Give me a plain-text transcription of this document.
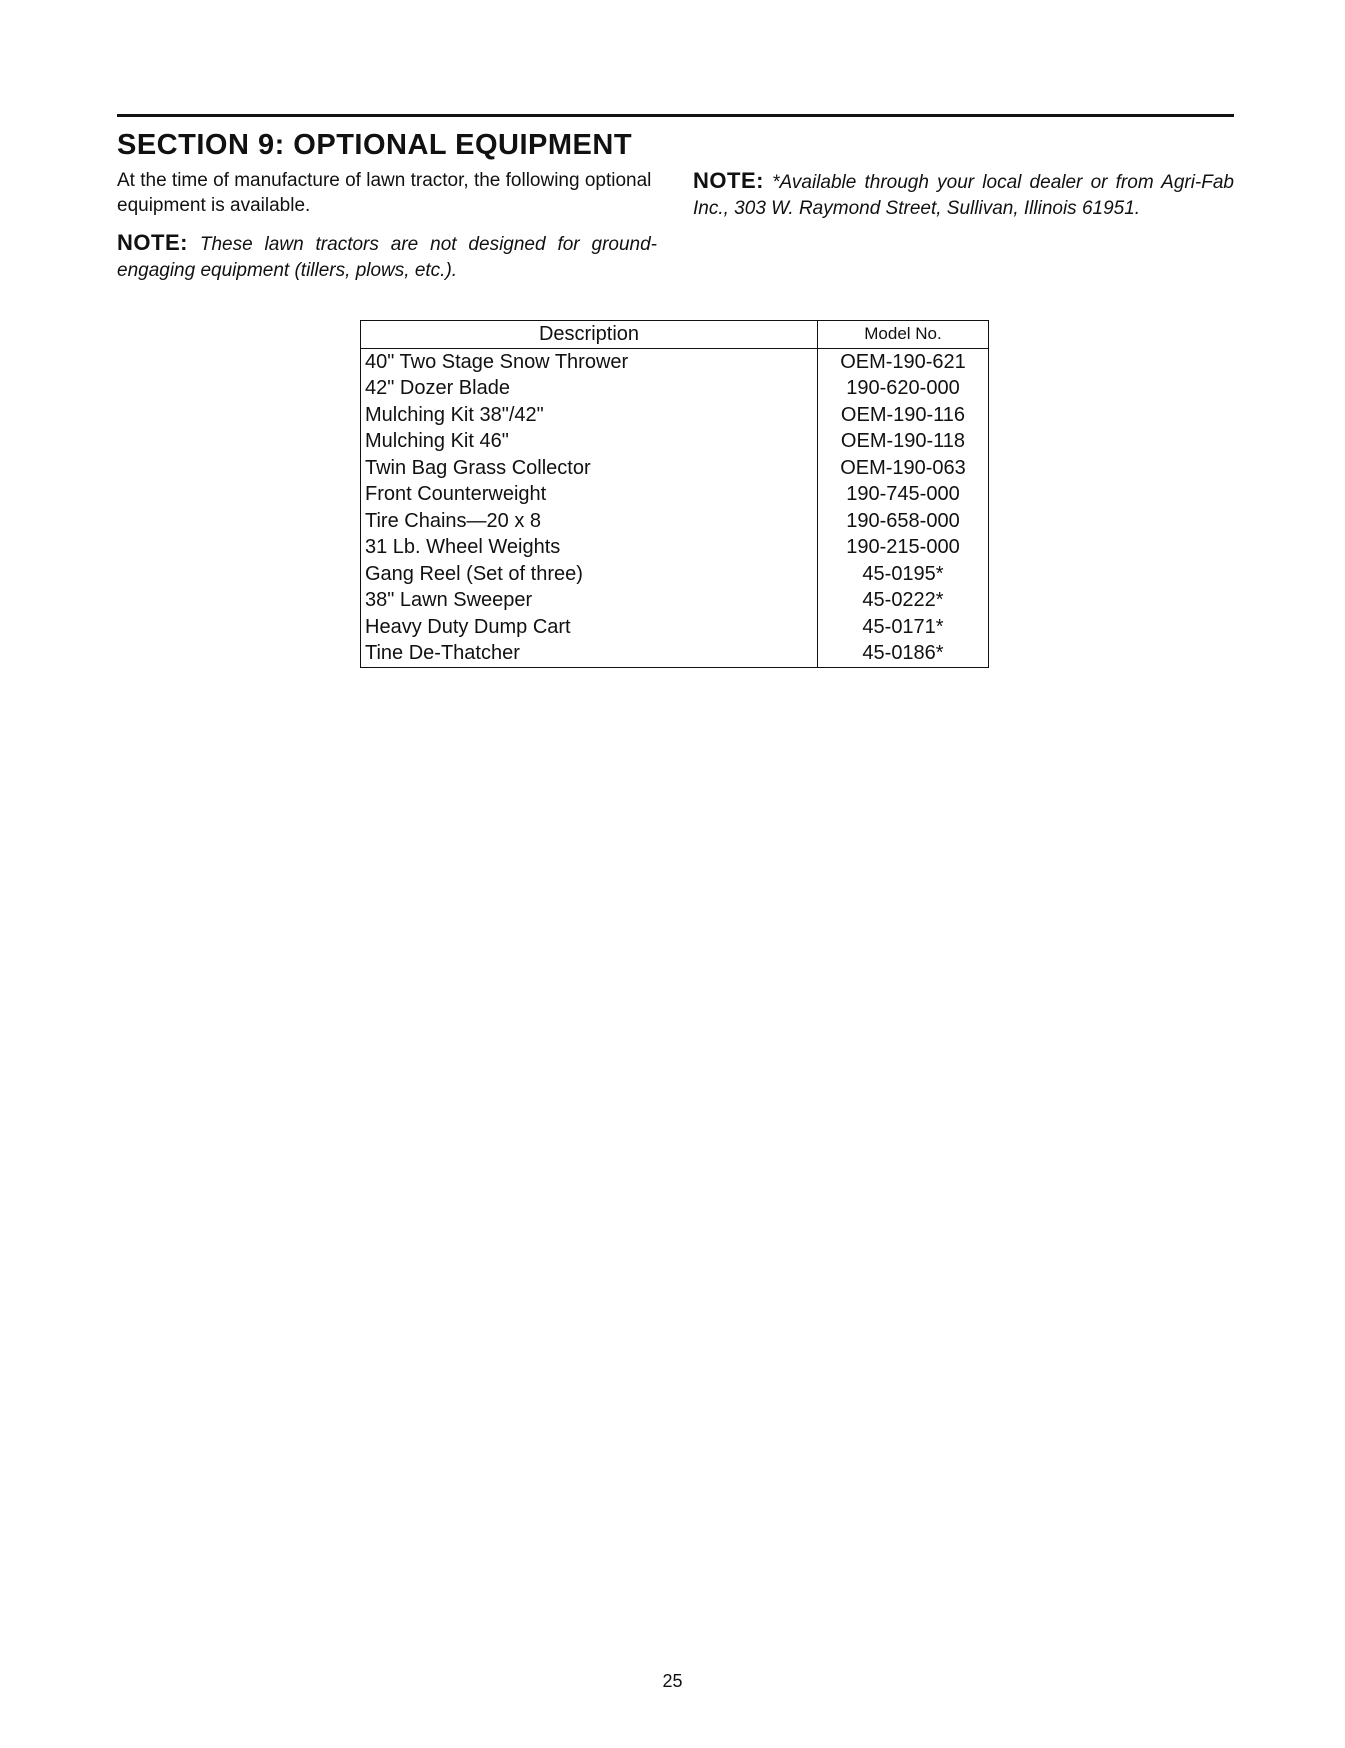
SECTION 9: OPTIONAL EQUIPMENT

At the time of manufacture of lawn tractor, the following optional equipment is available.

NOTE: These lawn tractors are not designed for ground-engaging equipment (tillers, plows, etc.).

NOTE: *Available through your local dealer or from Agri-Fab Inc., 303 W. Raymond Street, Sullivan, Illinois 61951.

Description	Model No.
40" Two Stage Snow Thrower	OEM-190-621
42" Dozer Blade	190-620-000
Mulching Kit 38"/42"	OEM-190-116
Mulching Kit 46"	OEM-190-118
Twin Bag Grass Collector	OEM-190-063
Front Counterweight	190-745-000
Tire Chains—20 x 8	190-658-000
31 Lb. Wheel Weights	190-215-000
Gang Reel (Set of three)	45-0195*
38" Lawn Sweeper	45-0222*
Heavy Duty Dump Cart	45-0171*
Tine De-Thatcher	45-0186*
25
